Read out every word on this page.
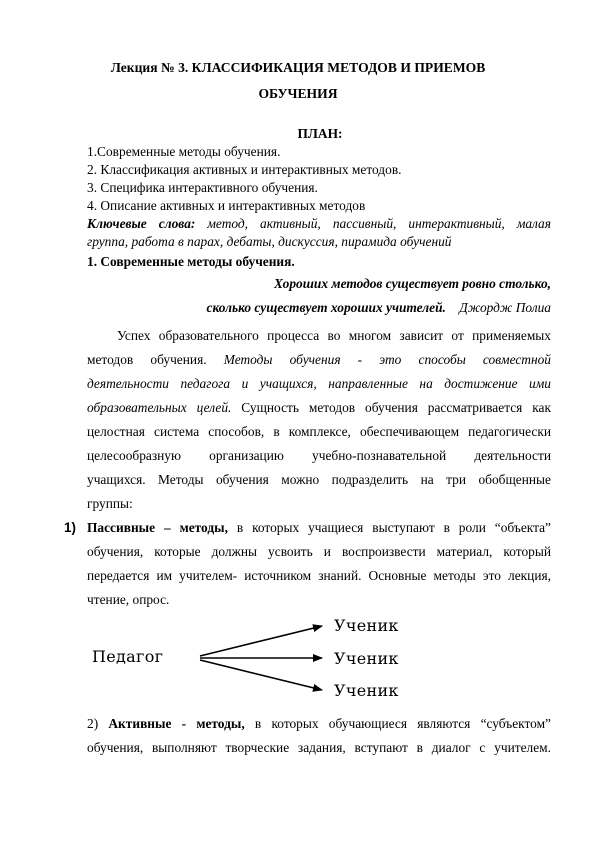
Лекция № 3. КЛАССИФИКАЦИЯ МЕТОДОВ И ПРИЕМОВ
ОБУЧЕНИЯ
ПЛАН:
1.Современные методы обучения.
2. Классификация активных и интерактивных методов.
3. Специфика интерактивного обучения.
4. Описание активных и интерактивных методов
Ключевые слова: метод, активный, пассивный, интерактивный, малая
группа, работа в парах, дебаты, дискуссия, пирамида обучений
1. Современные методы обучения.
Хороших методов существует ровно столько,
сколько существует хороших учителей. Джордж Полиа
Успех образовательного процесса во многом зависит от применяемых
методов обучения. Методы обучения - это способы совместной
деятельности педагога и учащихся, направленные на достижение ими
образовательных целей. Сущность методов обучения рассматривается как
целостная система способов, в комплексе, обеспечивающем педагогически
целесообразную организацию учебно-познавательной деятельности
учащихся. Методы обучения можно подразделить на три обобщенные
группы:
1) Пассивные – методы, в которых учащиеся выступают в роли “объекта”
обучения, которые должны усвоить и воспроизвести материал, который
передается им учителем- источником знаний. Основные методы это лекция,
чтение, опрос.
Педагог
Ученик
Ученик
Ученик
2) Активные - методы, в которых обучающиеся являются “субъектом”
обучения, выполняют творческие задания, вступают в диалог с учителем.
